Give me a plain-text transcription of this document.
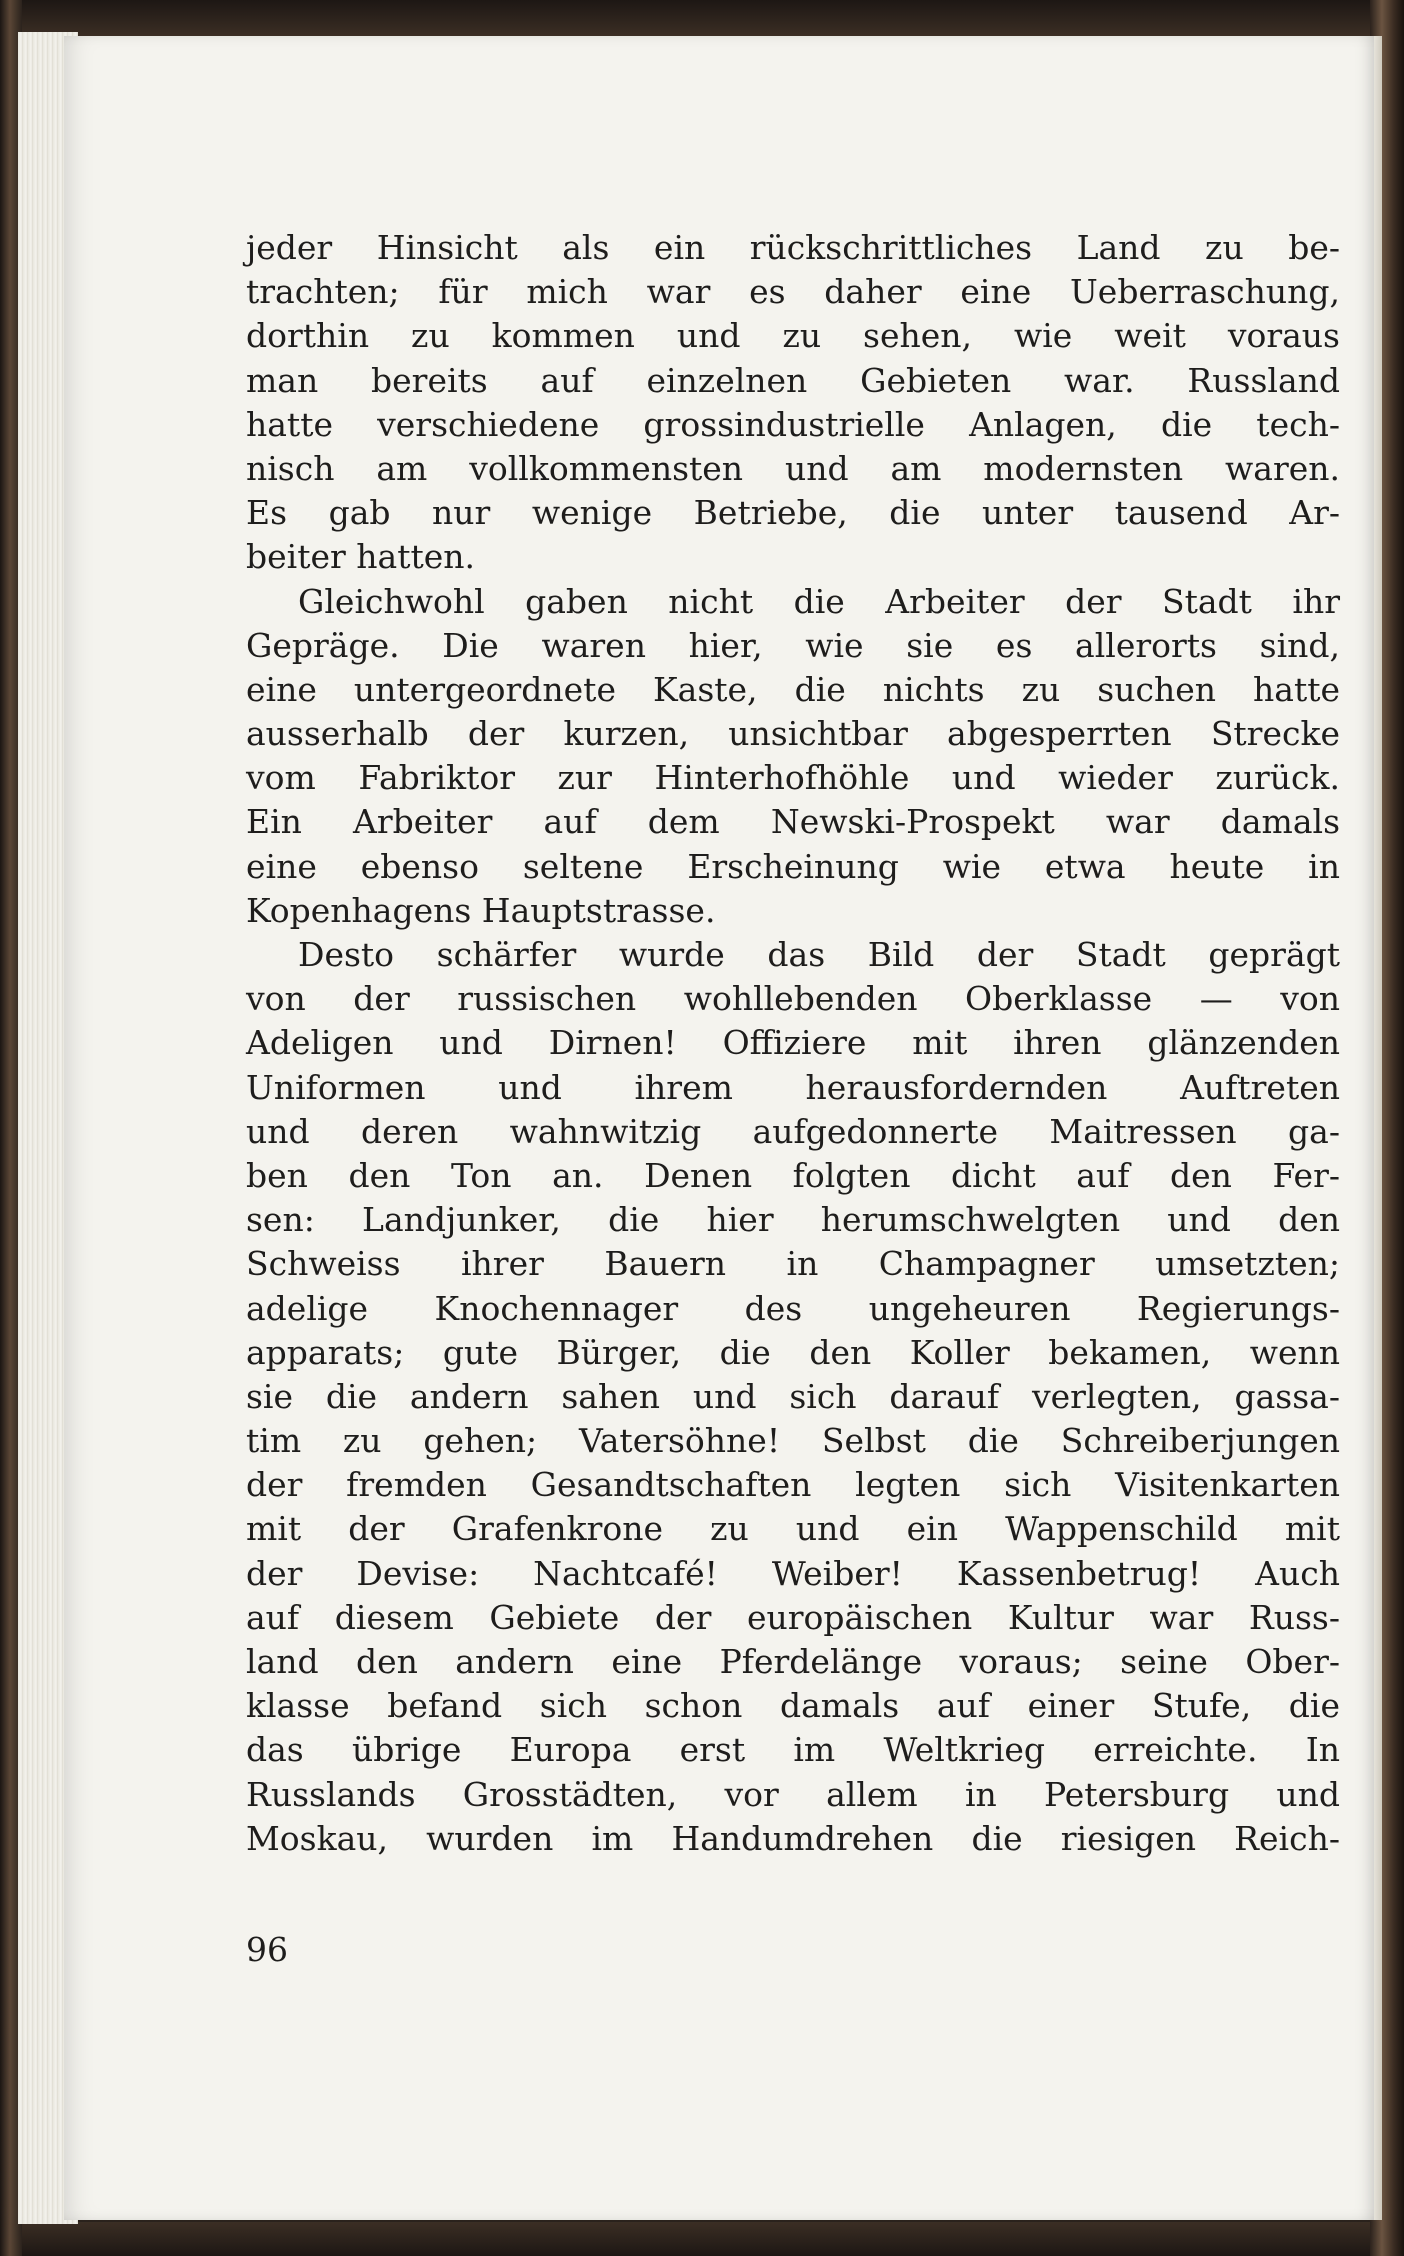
jeder Hinsicht als ein rückschrittliches Land zu be-
trachten; für mich war es daher eine Ueberraschung,
dorthin zu kommen und zu sehen, wie weit voraus
man bereits auf einzelnen Gebieten war. Russland
hatte verschiedene grossindustrielle Anlagen, die tech-
nisch am vollkommensten und am modernsten waren.
Es gab nur wenige Betriebe, die unter tausend Ar-
beiter hatten.
Gleichwohl gaben nicht die Arbeiter der Stadt ihr
Gepräge. Die waren hier, wie sie es allerorts sind,
eine untergeordnete Kaste, die nichts zu suchen hatte
ausserhalb der kurzen, unsichtbar abgesperrten Strecke
vom Fabriktor zur Hinterhofhöhle und wieder zurück.
Ein Arbeiter auf dem Newski-Prospekt war damals
eine ebenso seltene Erscheinung wie etwa heute in
Kopenhagens Hauptstrasse.
Desto schärfer wurde das Bild der Stadt geprägt
von der russischen wohllebenden Oberklasse — von
Adeligen und Dirnen! Offiziere mit ihren glänzenden
Uniformen und ihrem herausfordernden Auftreten
und deren wahnwitzig aufgedonnerte Maitressen ga-
ben den Ton an. Denen folgten dicht auf den Fer-
sen: Landjunker, die hier herumschwelgten und den
Schweiss ihrer Bauern in Champagner umsetzten;
adelige Knochennager des ungeheuren Regierungs-
apparats; gute Bürger, die den Koller bekamen, wenn
sie die andern sahen und sich darauf verlegten, gassa-
tim zu gehen; Vatersöhne! Selbst die Schreiberjungen
der fremden Gesandtschaften legten sich Visitenkarten
mit der Grafenkrone zu und ein Wappenschild mit
der Devise: Nachtcafé! Weiber! Kassenbetrug! Auch
auf diesem Gebiete der europäischen Kultur war Russ-
land den andern eine Pferdelänge voraus; seine Ober-
klasse befand sich schon damals auf einer Stufe, die
das übrige Europa erst im Weltkrieg erreichte. In
Russlands Grosstädten, vor allem in Petersburg und
Moskau, wurden im Handumdrehen die riesigen Reich-
96
